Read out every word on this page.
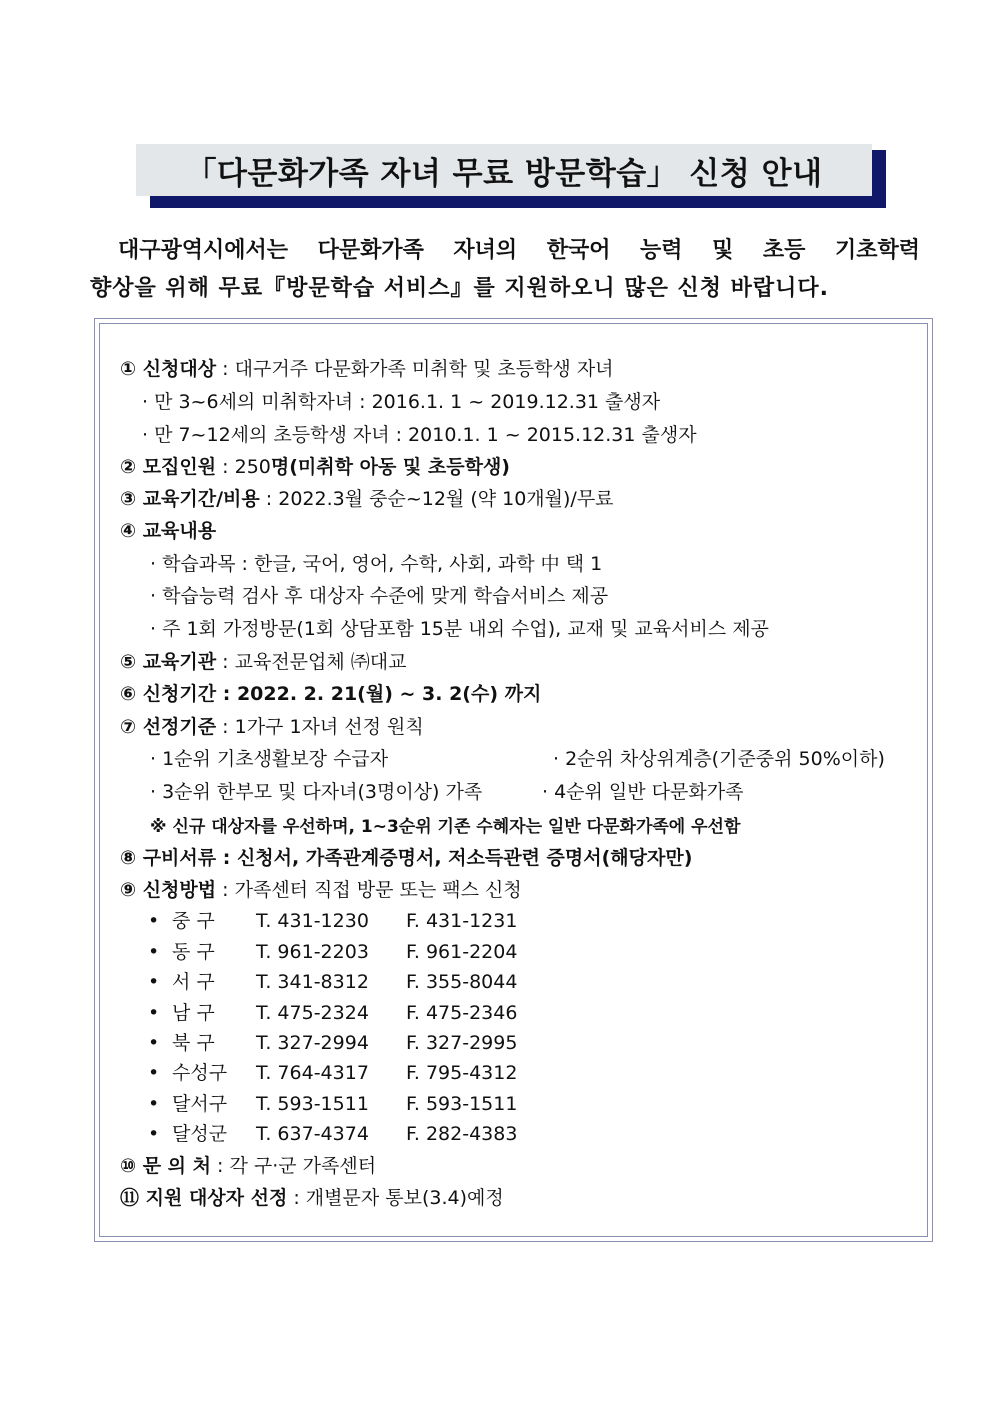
「다문화가족 자녀 무료 방문학습」 신청 안내
대구광역시에서는 다문화가족 자녀의 한국어 능력 및 초등 기초학력
향상을 위해 무료『방문학습 서비스』를 지원하오니 많은 신청 바랍니다.
① 신청대상 : 대구거주 다문화가족 미취학 및 초등학생 자녀
· 만 3~6세의 미취학자녀 : 2016.1. 1 ~ 2019.12.31 출생자
· 만 7~12세의 초등학생 자녀 : 2010.1. 1 ~ 2015.12.31 출생자
② 모집인원 : 250명(미취학 아동 및 초등학생)
③ 교육기간/비용 : 2022.3월 중순~12월 (약 10개월)/무료
④ 교육내용
· 학습과목 : 한글, 국어, 영어, 수학, 사회, 과학 中 택 1
· 학습능력 검사 후 대상자 수준에 맞게 학습서비스 제공
· 주 1회 가정방문(1회 상담포함 15분 내외 수업), 교재 및 교육서비스 제공
⑤ 교육기관 : 교육전문업체 ㈜대교
⑥ 신청기간 : 2022. 2. 21(월) ~ 3. 2(수) 까지
⑦ 선정기준 : 1가구 1자녀 선정 원칙
· 1순위 기초생활보장 수급자	· 2순위 차상위계층(기준중위 50%이하)
· 3순위 한부모 및 다자녀(3명이상) 가족	· 4순위 일반 다문화가족
※ 신규 대상자를 우선하며, 1~3순위 기존 수혜자는 일반 다문화가족에 우선함
⑧ 구비서류 : 신청서, 가족관계증명서, 저소득관련 증명서(해당자만)
⑨ 신청방법 : 가족센터 직접 방문 또는 팩스 신청
• 중 구 T. 431-1230 F. 431-1231
• 동 구 T. 961-2203 F. 961-2204
• 서 구 T. 341-8312 F. 355-8044
• 남 구 T. 475-2324 F. 475-2346
• 북 구 T. 327-2994 F. 327-2995
• 수성구 T. 764-4317 F. 795-4312
• 달서구 T. 593-1511 F. 593-1511
• 달성군 T. 637-4374 F. 282-4383
⑩ 문 의 처 : 각 구·군 가족센터
⑪ 지원 대상자 선정 : 개별문자 통보(3.4)예정
